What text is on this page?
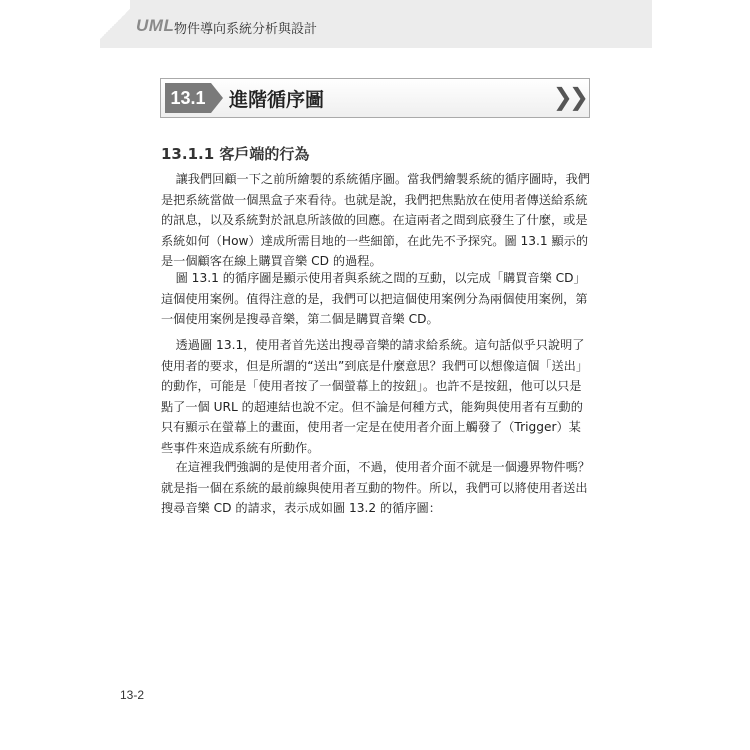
UML 物件導向系統分析與設計
13.1 進階循序圖	❯❯
13.1.1 客戶端的行為

讓我們回顧一下之前所繪製的系統循序圖。當我們繪製系統的循序圖時，我們是把系統當做一個黑盒子來看待。也就是說，我們把焦點放在使用者傳送給系統的訊息，以及系統對於訊息所該做的回應。在這兩者之間到底發生了什麼，或是系統如何（How）達成所需目地的一些細節，在此先不予探究。圖 13.1 顯示的是一個顧客在線上購買音樂 CD 的過程。

圖 13.1 的循序圖是顯示使用者與系統之間的互動，以完成「購買音樂 CD」這個使用案例。值得注意的是，我們可以把這個使用案例分為兩個使用案例，第一個使用案例是搜尋音樂，第二個是購買音樂 CD。

透過圖 13.1，使用者首先送出搜尋音樂的請求給系統。這句話似乎只說明了使用者的要求，但是所謂的“送出”到底是什麼意思？我們可以想像這個「送出」的動作，可能是「使用者按了一個螢幕上的按鈕」。也許不是按鈕，他可以只是點了一個 URL 的超連結也說不定。但不論是何種方式，能夠與使用者有互動的只有顯示在螢幕上的畫面，使用者一定是在使用者介面上觸發了（Trigger）某些事件來造成系統有所動作。

在這裡我們強調的是使用者介面，不過，使用者介面不就是一個邊界物件嗎？就是指一個在系統的最前線與使用者互動的物件。所以，我們可以將使用者送出搜尋音樂 CD 的請求，表示成如圖 13.2 的循序圖：

13-2
